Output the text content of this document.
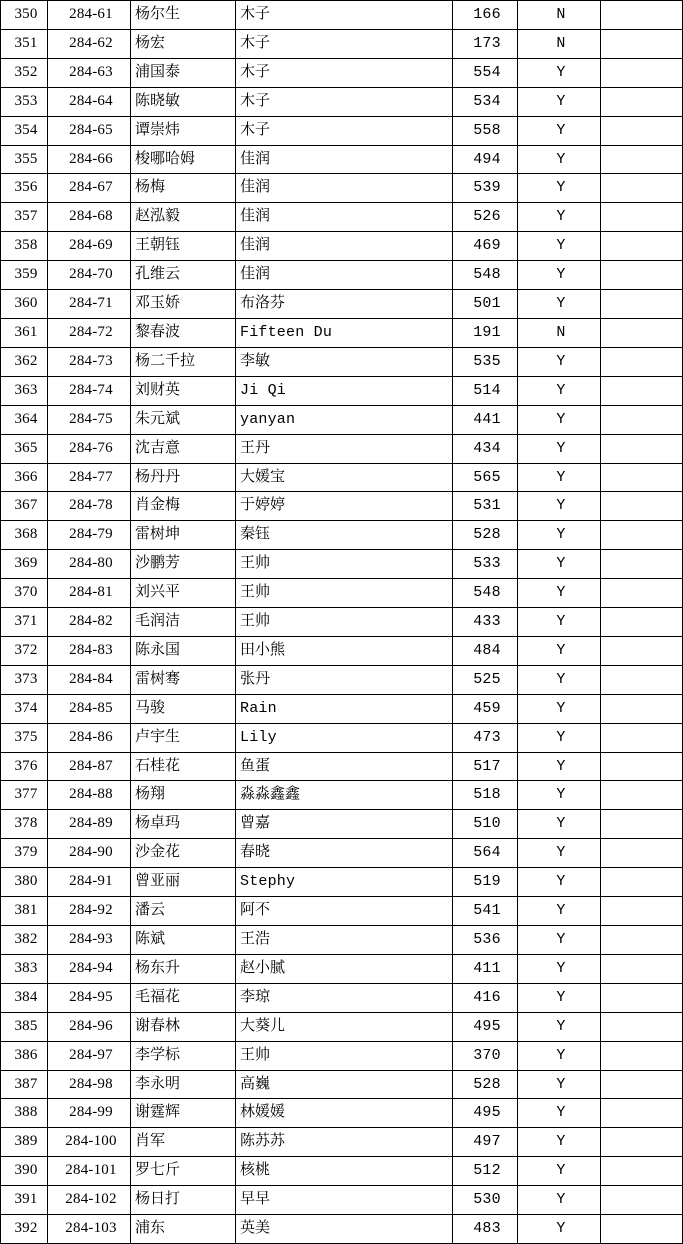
350	284-61	杨尔生	木子	166	N	
351	284-62	杨宏	木子	173	N	
352	284-63	浦国泰	木子	554	Y	
353	284-64	陈晓敏	木子	534	Y	
354	284-65	谭崇炜	木子	558	Y	
355	284-66	梭哪哈姆	佳润	494	Y	
356	284-67	杨梅	佳润	539	Y	
357	284-68	赵泓毅	佳润	526	Y	
358	284-69	王朝钰	佳润	469	Y	
359	284-70	孔维云	佳润	548	Y	
360	284-71	邓玉娇	布洛芬	501	Y	
361	284-72	黎春波	Fifteen Du	191	N	
362	284-73	杨二千拉	李敏	535	Y	
363	284-74	刘财英	Ji Qi	514	Y	
364	284-75	朱元斌	yanyan	441	Y	
365	284-76	沈吉意	王丹	434	Y	
366	284-77	杨丹丹	大媛宝	565	Y	
367	284-78	肖金梅	于婷婷	531	Y	
368	284-79	雷树坤	秦钰	528	Y	
369	284-80	沙鹏芳	王帅	533	Y	
370	284-81	刘兴平	王帅	548	Y	
371	284-82	毛润洁	王帅	433	Y	
372	284-83	陈永国	田小熊	484	Y	
373	284-84	雷树骞	张丹	525	Y	
374	284-85	马骏	Rain	459	Y	
375	284-86	卢宇生	Lily	473	Y	
376	284-87	石桂花	鱼蛋	517	Y	
377	284-88	杨翔	淼淼鑫鑫	518	Y	
378	284-89	杨卓玛	曾嘉	510	Y	
379	284-90	沙金花	春晓	564	Y	
380	284-91	曾亚丽	Stephy	519	Y	
381	284-92	潘云	阿不	541	Y	
382	284-93	陈斌	王浩	536	Y	
383	284-94	杨东升	赵小腻	411	Y	
384	284-95	毛福花	李琼	416	Y	
385	284-96	谢春林	大葵儿	495	Y	
386	284-97	李学标	王帅	370	Y	
387	284-98	李永明	高巍	528	Y	
388	284-99	谢霆辉	林媛媛	495	Y	
389	284-100	肖军	陈苏苏	497	Y	
390	284-101	罗七斤	核桃	512	Y	
391	284-102	杨日打	早早	530	Y	
392	284-103	浦东	英美	483	Y	
